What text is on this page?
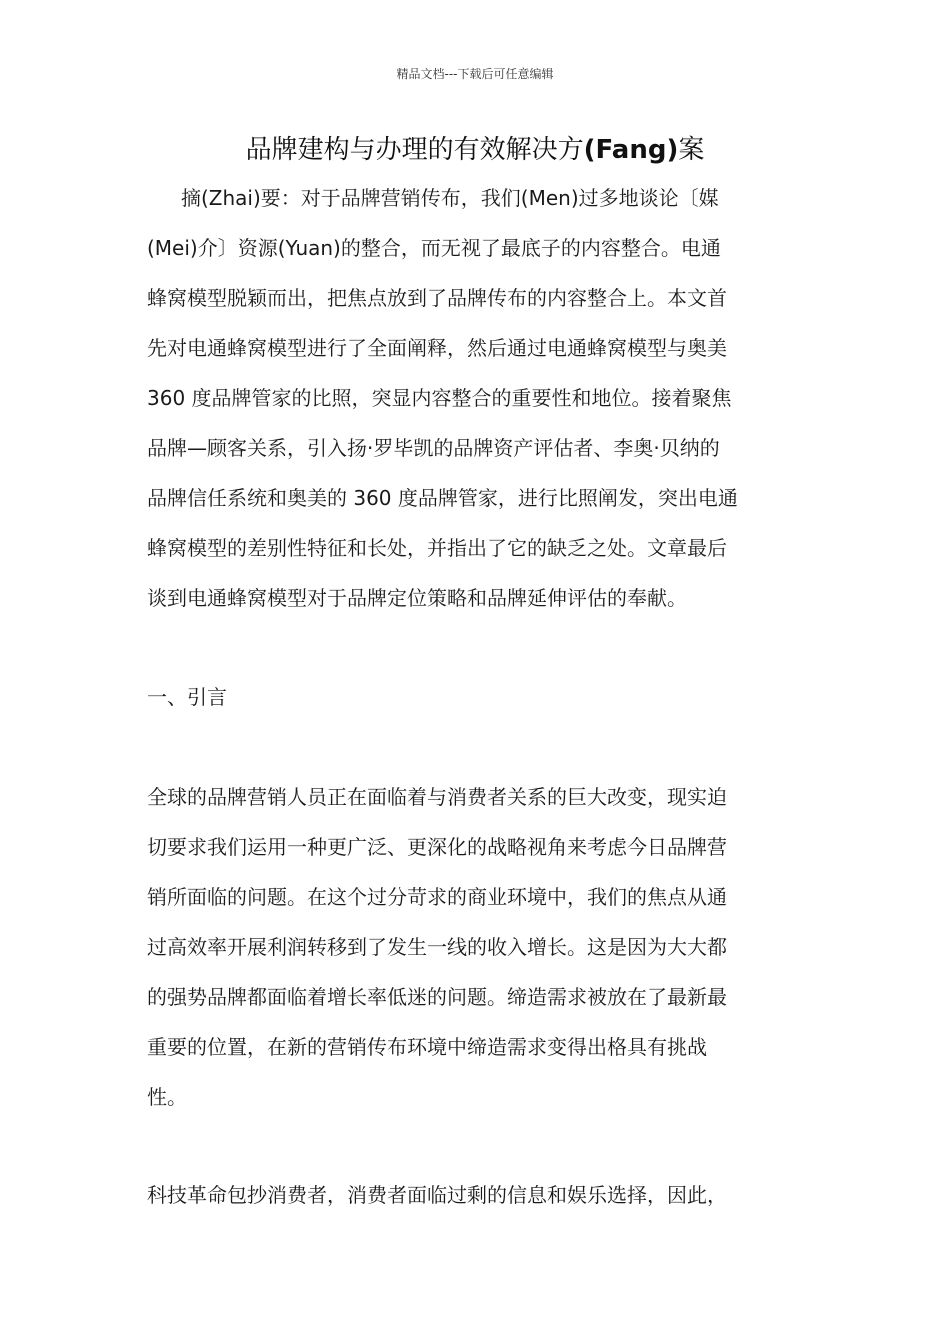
精品文档---下载后可任意编辑
品牌建构与办理的有效解决方(Fang)案
摘(Zhai)要：对于品牌营销传布，我们(Men)过多地谈论〔媒
(Mei)介〕资源(Yuan)的整合，而无视了最底子的内容整合。电通
蜂窝模型脱颖而出，把焦点放到了品牌传布的内容整合上。本文首
先对电通蜂窝模型进行了全面阐释，然后通过电通蜂窝模型与奥美
360 度品牌管家的比照，突显内容整合的重要性和地位。接着聚焦
品牌—顾客关系，引入扬·罗毕凯的品牌资产评估者、李奥·贝纳的
品牌信任系统和奥美的 360 度品牌管家，进行比照阐发，突出电通
蜂窝模型的差别性特征和长处，并指出了它的缺乏之处。文章最后
谈到电通蜂窝模型对于品牌定位策略和品牌延伸评估的奉献。
一、引言
全球的品牌营销人员正在面临着与消费者关系的巨大改变，现实迫
切要求我们运用一种更广泛、更深化的战略视角来考虑今日品牌营
销所面临的问题。在这个过分苛求的商业环境中，我们的焦点从通
过高效率开展利润转移到了发生一线的收入增长。这是因为大大都
的强势品牌都面临着增长率低迷的问题。缔造需求被放在了最新最
重要的位置，在新的营销传布环境中缔造需求变得出格具有挑战
性。
科技革命包抄消费者，消费者面临过剩的信息和娱乐选择，因此，
